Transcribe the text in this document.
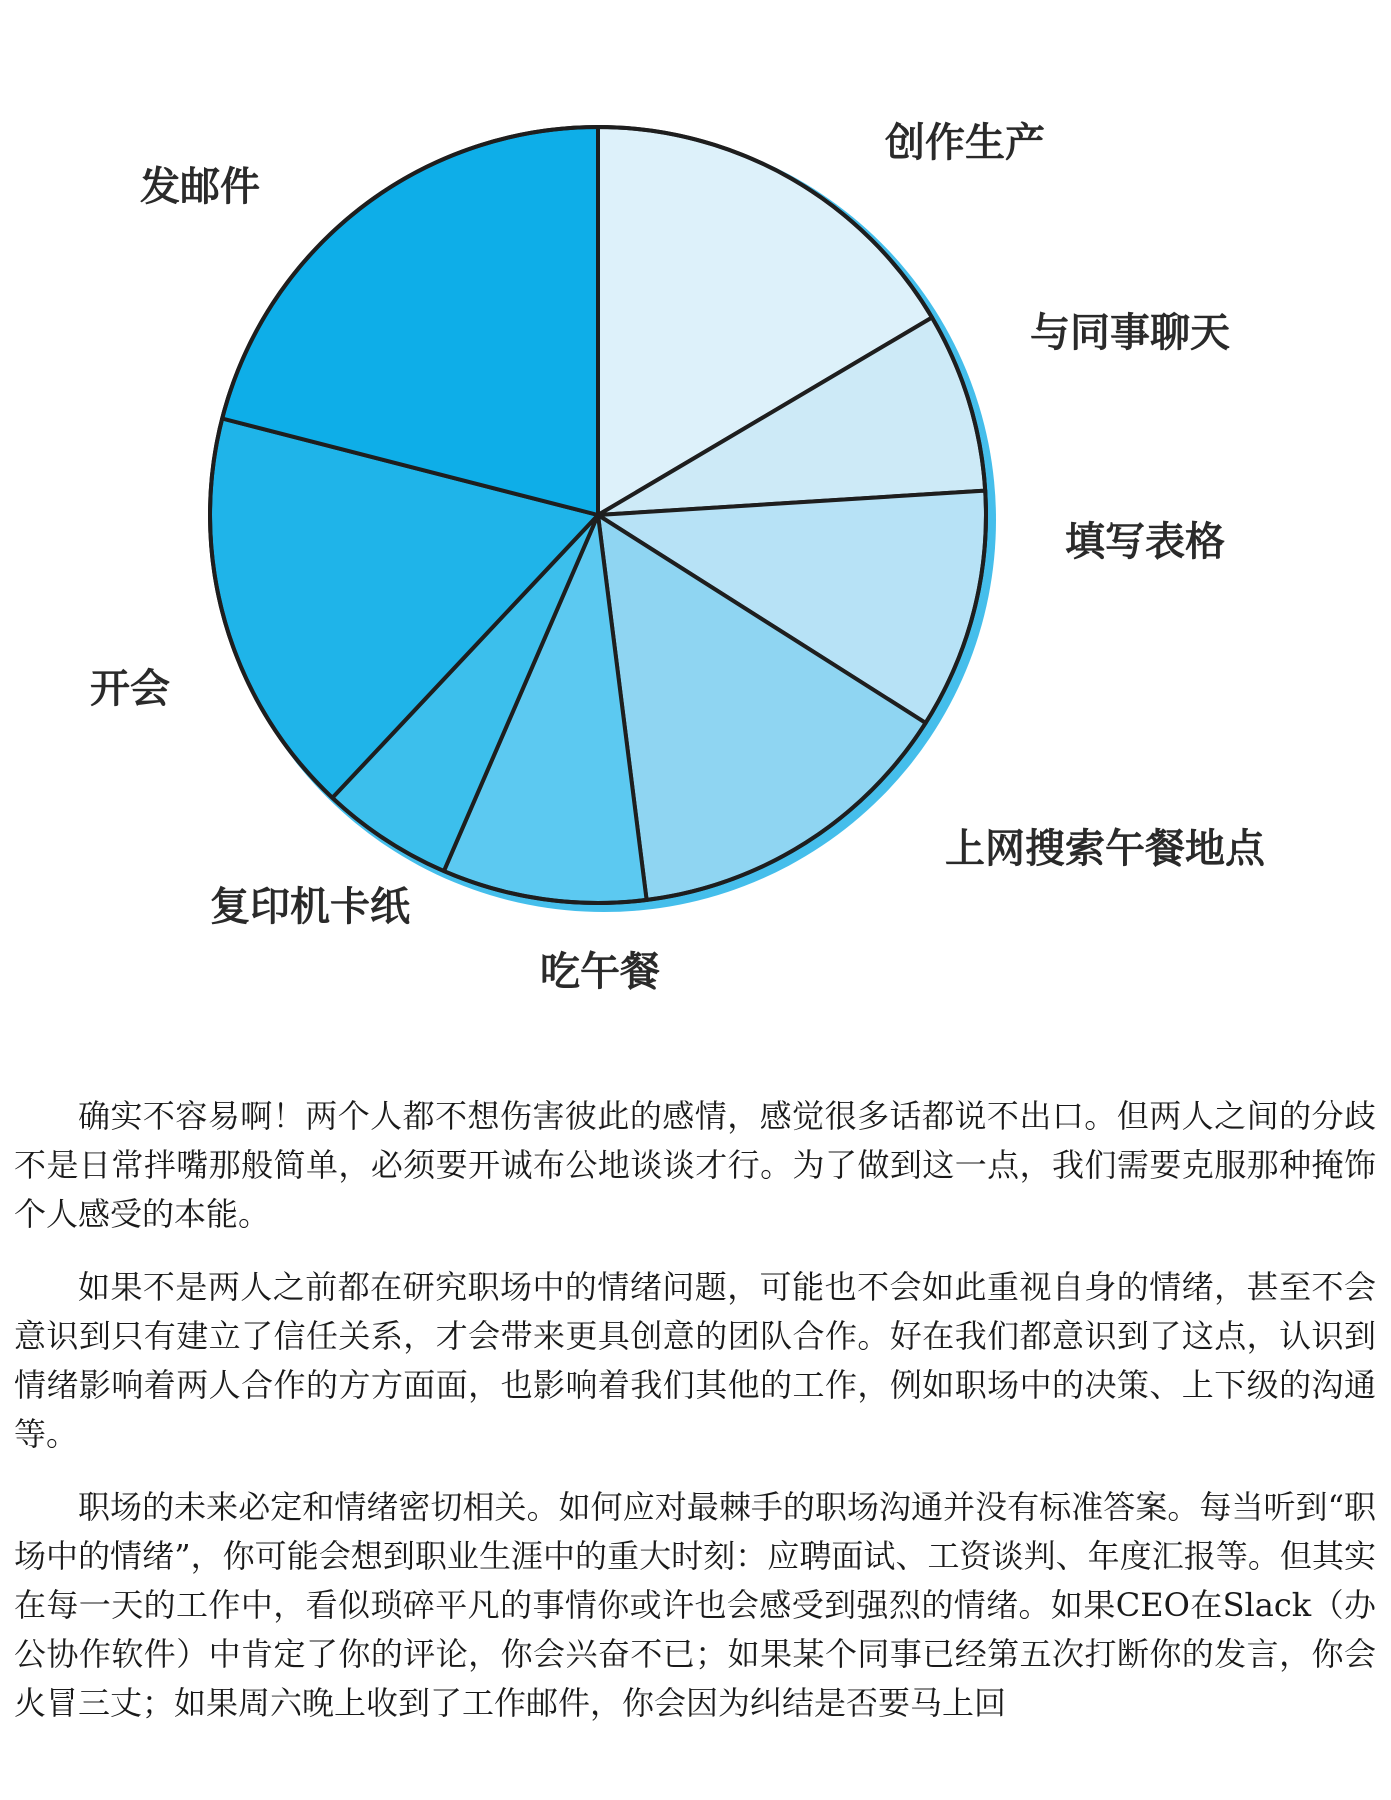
创作生产
与同事聊天
填写表格
上网搜索午餐地点
吃午餐
复印机卡纸
开会
发邮件

确实不容易啊！两个人都不想伤害彼此的感情，感觉很多话都说不出口。但两人之间的分歧不是日常拌嘴那般简单，必须要开诚布公地谈谈才行。为了做到这一点，我们需要克服那种掩饰个人感受的本能。

如果不是两人之前都在研究职场中的情绪问题，可能也不会如此重视自身的情绪，甚至不会意识到只有建立了信任关系，才会带来更具创意的团队合作。好在我们都意识到了这点，认识到情绪影响着两人合作的方方面面，也影响着我们其他的工作，例如职场中的决策、上下级的沟通等。

职场的未来必定和情绪密切相关。如何应对最棘手的职场沟通并没有标准答案。每当听到“职场中的情绪”，你可能会想到职业生涯中的重大时刻：应聘面试、工资谈判、年度汇报等。但其实在每一天的工作中，看似琐碎平凡的事情你或许也会感受到强烈的情绪。如果CEO在Slack（办公协作软件）中肯定了你的评论，你会兴奋不已；如果某个同事已经第五次打断你的发言，你会火冒三丈；如果周六晚上收到了工作邮件，你会因为纠结是否要马上回
